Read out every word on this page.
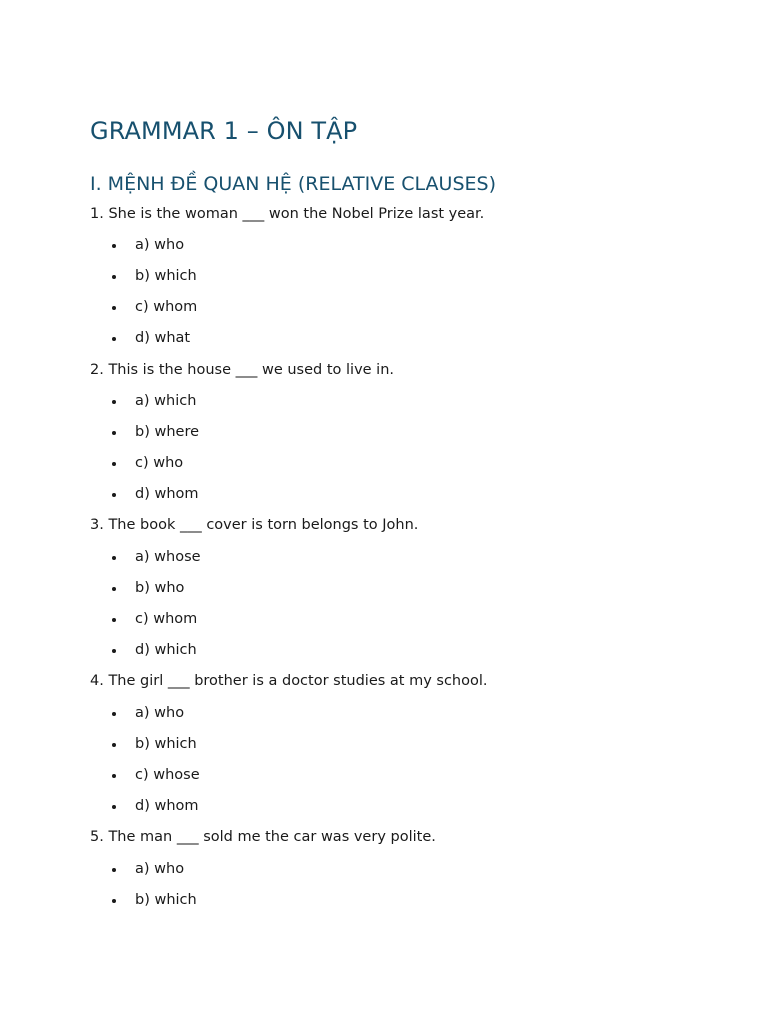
GRAMMAR 1 – ÔN TẬP
I. MỆNH ĐỀ QUAN HỆ (RELATIVE CLAUSES)

1. She is the woman ___ won the Nobel Prize last year.

a) who
b) which
c) whom
d) what

2. This is the house ___ we used to live in.

a) which
b) where
c) who
d) whom

3. The book ___ cover is torn belongs to John.

a) whose
b) who
c) whom
d) which

4. The girl ___ brother is a doctor studies at my school.

a) who
b) which
c) whose
d) whom

5. The man ___ sold me the car was very polite.

a) who
b) which
